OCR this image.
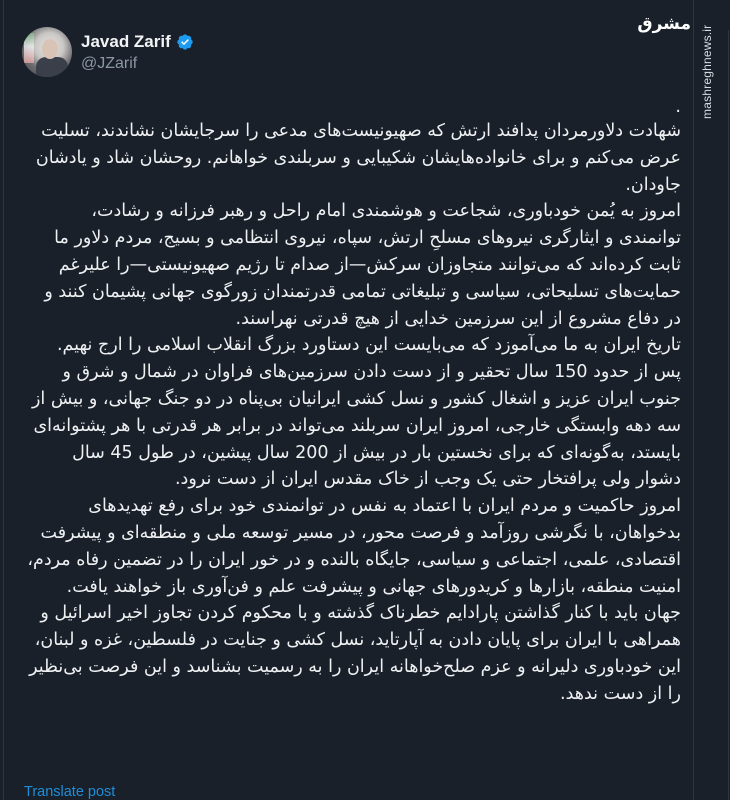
mashreghnews.ir
مشرق
Javad Zarif
@JZarif

.

شهادت دلاورمردان پدافند ارتش که صهیونیست‌های مدعی را سرجایشان نشاندند، تسلیت عرض می‌کنم و برای خانواده‌هایشان شکیبایی و سربلندی خواهانم. روحشان شاد و یادشان جاودان.

امروز به یُمن خودباوری، شجاعت و هوشمندی امام راحل و رهبر فرزانه و رشادت، توانمندی و ایثارگری نیروهای مسلحِ ارتش، سپاه، نیروی انتظامی و بسیج، مردم دلاور ما ثابت کرده‌اند که می‌توانند متجاوزان سرکش—از صدام تا رژیم صهیونیستی—را علیرغم حمایت‌های تسلیحاتی، سیاسی و تبلیغاتی تمامی قدرتمندان زورگوی جهانی پشیمان کنند و در دفاع مشروع از این سرزمین خدایی از هیچ قدرتی نهراسند.

تاریخ ایران به ما می‌آموزد که می‌بایست این دستاورد بزرگ انقلاب اسلامی را ارج نهیم. پس از حدود 150 سال تحقیر و از دست دادن سرزمین‌های فراوان در شمال و شرق و جنوب ایران عزیز و اشغال کشور و نسل کشی ایرانیان بی‌پناه در دو جنگ جهانی، و بیش از سه دهه وابستگی خارجی، امروز ایران سربلند می‌تواند در برابر هر قدرتی با هر پشتوانه‌ای بایستد، به‌گونه‌ای که برای نخستین بار در بیش از 200 سال پیشین، در طول 45 سال دشوار ولی پرافتخار حتی یک وجب از خاک مقدس ایران از دست نرود.

امروز حاکمیت و مردم ایران با اعتماد به نفس در توانمندی خود برای رفع تهدیدهای بدخواهان، با نگرشی روزآمد و فرصت محور، در مسیر توسعه ملی و منطقه‌ای و پیشرفت اقتصادی، علمی، اجتماعی و سیاسی، جایگاه بالنده و در خور ایران را در تضمین رفاه مردم، امنیت منطقه، بازارها و کریدورهای جهانی و پیشرفت علم و فن‌آوری باز خواهند یافت.

جهان باید با کنار گذاشتن پارادایم خطرناک گذشته و با محکوم کردن تجاوز اخیر اسرائیل و همراهی با ایران برای پایان دادن به آپارتاید، نسل کشی و جنایت در فلسطین، غزه و لبنان، این خودباوری دلیرانه و عزم صلح‌خواهانه ایران را به رسمیت بشناسد و این فرصت بی‌نظیر را از دست ندهد.

Translate post
